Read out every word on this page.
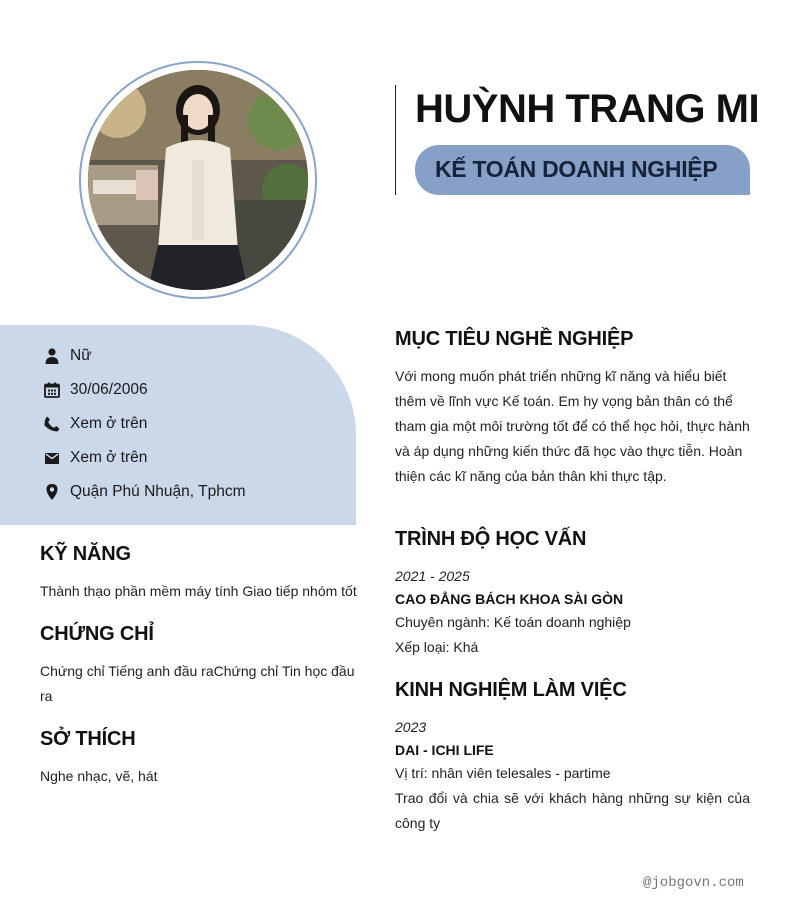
HUỲNH TRANG MI
KẾ TOÁN DOANH NGHIỆP
Nữ
30/06/2006
Xem ở trên
Xem ở trên
Quận Phú Nhuận, Tphcm
KỸ NĂNG
Thành thạo phần mềm máy tính Giao tiếp nhóm tốt
CHỨNG CHỈ
Chứng chỉ Tiếng anh đầu raChứng chỉ Tin học đầu
ra
SỞ THÍCH
Nghe nhạc, vẽ, hát
MỤC TIÊU NGHỀ NGHIỆP
Với mong muốn phát triển những kĩ năng và hiểu biết
thêm về lĩnh vực Kế toán. Em hy vọng bản thân có thể
tham gia một môi trường tốt để có thể học hỏi, thực hành
và áp dụng những kiến thức đã học vào thực tiễn. Hoàn
thiện các kĩ năng của bản thân khi thực tập.
TRÌNH ĐỘ HỌC VẤN
2021 - 2025
CAO ĐẲNG BÁCH KHOA SÀI GÒN
Chuyên ngành: Kế toán doanh nghiệp
Xếp loại: Khá
KINH NGHIỆM LÀM VIỆC
2023
DAI - ICHI LIFE
Vị trí: nhân viên telesales - partime
Trao đổi và chia sẽ với khách hàng những sự kiện của
công ty
@jobgovn.com
